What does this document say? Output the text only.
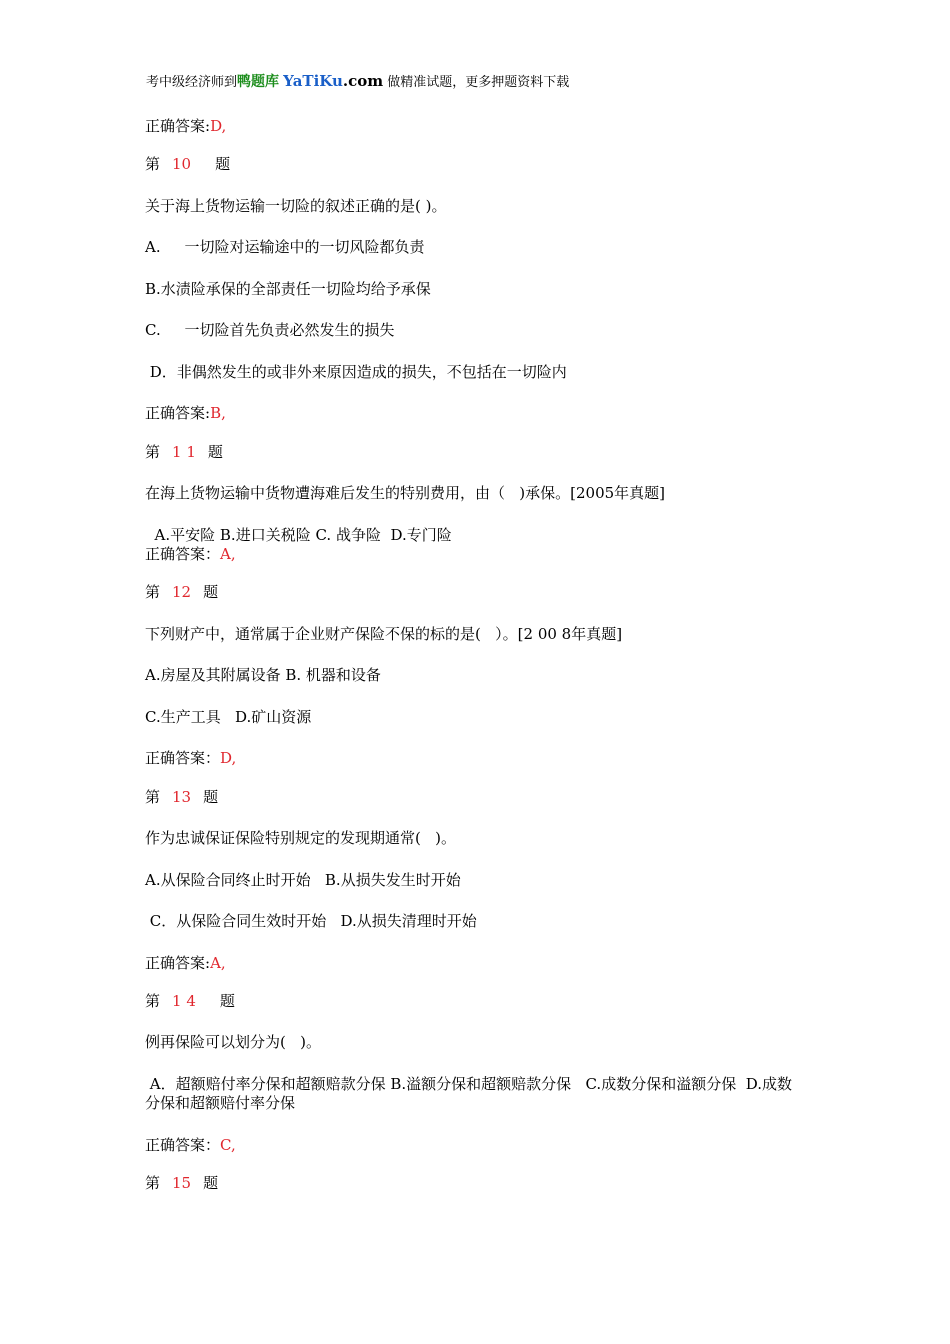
考中级经济师到鸭题库 YaTiKu.com 做精准试题，更多押题资料下载
正确答案:D,
第 10 题
关于海上货物运输一切险的叙述正确的是( )。
A.     一切险对运输途中的一切风险都负责
B.水渍险承保的全部责任一切险均给予承保
C.     一切险首先负责必然发生的损失
D．非偶然发生的或非外来原因造成的损失，不包括在一切险内
正确答案:B,
第 1 1 题
在海上货物运输中货物遭海难后发生的特别费用，由（   )承保。[2005年真题]
A.平安险 B.进口关税险 C. 战争险  D.专门险
正确答案：A,
第 12 题
下列财产中，通常属于企业财产保险不保的标的是(   ）。[2 00 8年真题]
A.房屋及其附属设备 B. 机器和设备
C.生产工具   D.矿山资源
正确答案：D,
第 13 题
作为忠诚保证保险特别规定的发现期通常(   )。
A.从保险合同终止时开始   B.从损失发生时开始
C．从保险合同生效时开始   D.从损失清理时开始
正确答案:A,
第 1 4 题
例再保险可以划分为(   )。
A．超额赔付率分保和超额赔款分保 B.溢额分保和超额赔款分保   C.成数分保和溢额分保  D.成数分保和超额赔付率分保
正确答案：C,
第 15 题
